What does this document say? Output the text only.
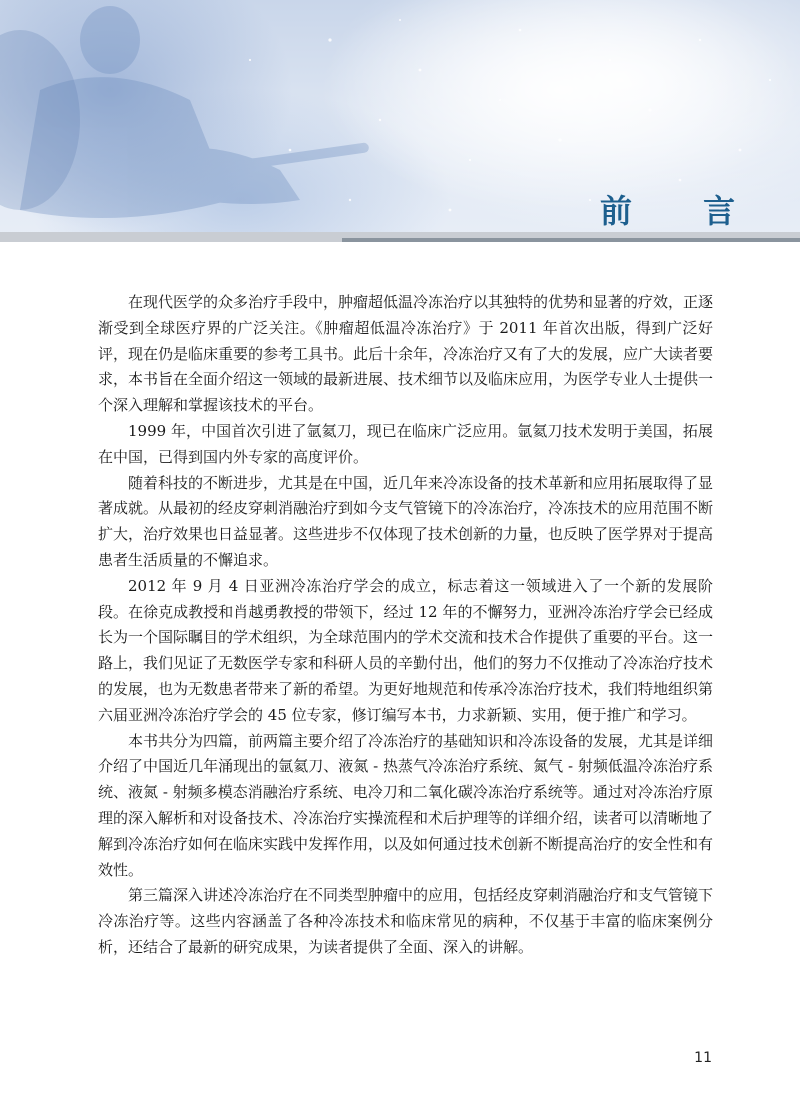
前 言

在现代医学的众多治疗手段中，肿瘤超低温冷冻治疗以其独特的优势和显著的疗效，正逐渐受到全球医疗界的广泛关注。《肿瘤超低温冷冻治疗》于 2011 年首次出版，得到广泛好评，现在仍是临床重要的参考工具书。此后十余年，冷冻治疗又有了大的发展，应广大读者要求，本书旨在全面介绍这一领域的最新进展、技术细节以及临床应用，为医学专业人士提供一个深入理解和掌握该技术的平台。

1999 年，中国首次引进了氩氦刀，现已在临床广泛应用。氩氦刀技术发明于美国，拓展在中国，已得到国内外专家的高度评价。

随着科技的不断进步，尤其是在中国，近几年来冷冻设备的技术革新和应用拓展取得了显著成就。从最初的经皮穿刺消融治疗到如今支气管镜下的冷冻治疗，冷冻技术的应用范围不断扩大，治疗效果也日益显著。这些进步不仅体现了技术创新的力量，也反映了医学界对于提高患者生活质量的不懈追求。

2012 年 9 月 4 日亚洲冷冻治疗学会的成立，标志着这一领域进入了一个新的发展阶段。在徐克成教授和肖越勇教授的带领下，经过 12 年的不懈努力，亚洲冷冻治疗学会已经成长为一个国际瞩目的学术组织，为全球范围内的学术交流和技术合作提供了重要的平台。这一路上，我们见证了无数医学专家和科研人员的辛勤付出，他们的努力不仅推动了冷冻治疗技术的发展，也为无数患者带来了新的希望。为更好地规范和传承冷冻治疗技术，我们特地组织第六届亚洲冷冻治疗学会的 45 位专家，修订编写本书，力求新颖、实用，便于推广和学习。

本书共分为四篇，前两篇主要介绍了冷冻治疗的基础知识和冷冻设备的发展，尤其是详细介绍了中国近几年涌现出的氩氦刀、液氮 - 热蒸气冷冻治疗系统、氮气 - 射频低温冷冻治疗系统、液氮 - 射频多模态消融治疗系统、电冷刀和二氧化碳冷冻治疗系统等。通过对冷冻治疗原理的深入解析和对设备技术、冷冻治疗实操流程和术后护理等的详细介绍，读者可以清晰地了解到冷冻治疗如何在临床实践中发挥作用，以及如何通过技术创新不断提高治疗的安全性和有效性。

第三篇深入讲述冷冻治疗在不同类型肿瘤中的应用，包括经皮穿刺消融治疗和支气管镜下冷冻治疗等。这些内容涵盖了各种冷冻技术和临床常见的病种，不仅基于丰富的临床案例分析，还结合了最新的研究成果，为读者提供了全面、深入的讲解。

11
